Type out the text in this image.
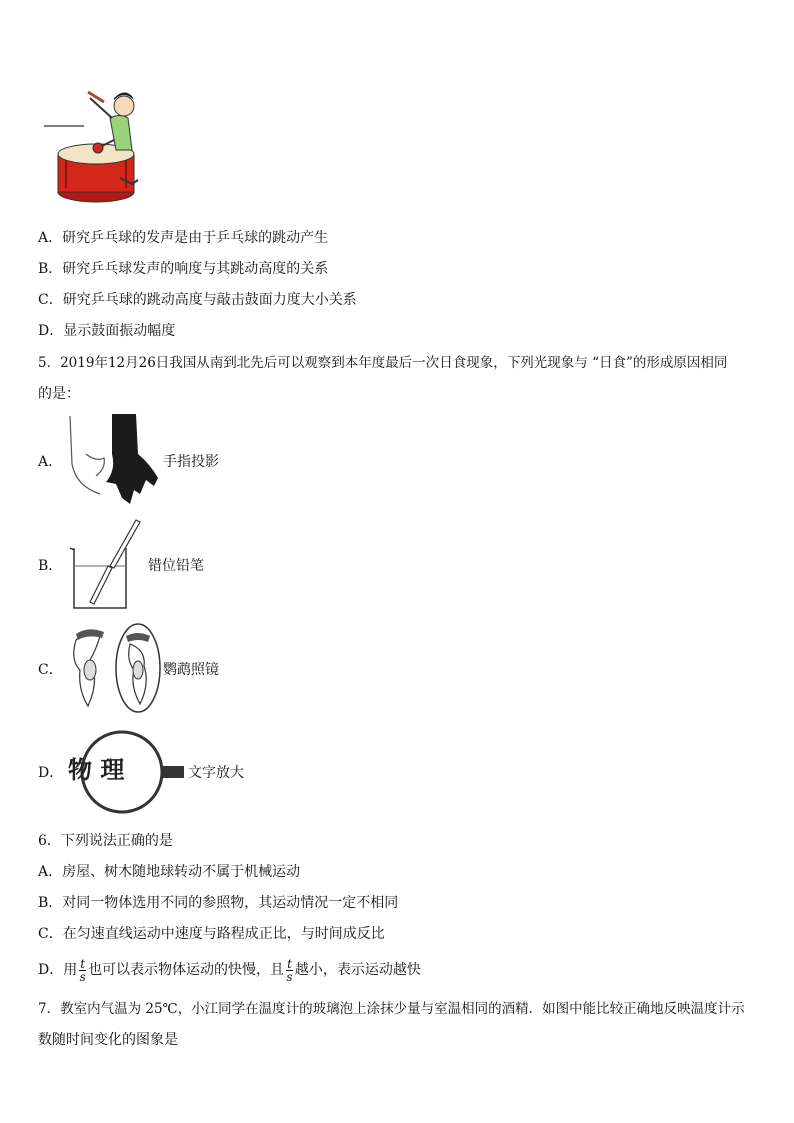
A．研究乒乓球的发声是由于乒乓球的跳动产生
B．研究乒乓球发声的响度与其跳动高度的关系
C．研究乒乓球的跳动高度与敲击鼓面力度大小关系
D．显示鼓面振动幅度
5．2019年12月26日我国从南到北先后可以观察到本年度最后一次日食现象，下列光现象与 “日食”的形成原因相同
的是：
A．	手指投影
B．	错位铅笔
C．	鹦鹉照镜
D． 物 理	文字放大
6．下列说法正确的是
A．房屋、树木随地球转动不属于机械运动
B．对同一物体选用不同的参照物，其运动情况一定不相同
C．在匀速直线运动中速度与路程成正比，与时间成反比
D．用 $\frac{t}{s}$ 也可以表示物体运动的快慢，且 $\frac{t}{s}$ 越小，表示运动越快
7．教室内气温为 25℃，小江同学在温度计的玻璃泡上涂抹少量与室温相同的酒精．如图中能比较正确地反映温度计示
数随时间变化的图象是
